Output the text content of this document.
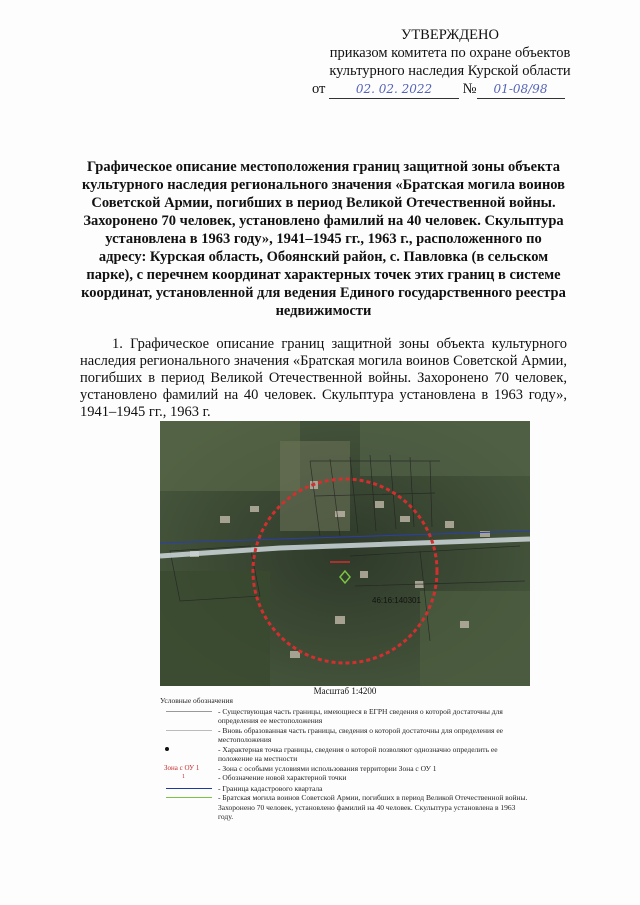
УТВЕРЖДЕНО
приказом комитета по охране объектов
культурного наследия Курской области
от	02. 02. 2022 № 01-08/98
Графическое описание местоположения границ защитной зоны объекта культурного наследия регионального значения «Братская могила воинов Советской Армии, погибших в период Великой Отечественной войны. Захоронено 70 человек, установлено фамилий на 40 человек. Скульптура установлена в 1963 году», 1941–1945 гг., 1963 г., расположенного по адресу: Курская область, Обоянский район, с. Павловка (в сельском парке), с перечнем координат характерных точек этих границ в системе координат, установленной для ведения Единого государственного реестра недвижимости
1. Графическое описание границ защитной зоны объекта культурного наследия регионального значения «Братская могила воинов Советской Армии, погибших в период Великой Отечественной войны. Захоронено 70 человек, установлено фамилий на 40 человек. Скульптура установлена в 1963 году», 1941–1945 гг., 1963 г.
46:16:140301
Масштаб 1:4200
Условные обозначения
- Существующая часть границы, имеющиеся в ЕГРН сведения о которой достаточны для определения ее местоположения
- Вновь образованная часть границы, сведения о которой достаточны для определения ее местоположения
- Характерная точка границы, сведения о которой позволяют однозначно определить ее положение на местности
Зона с ОУ 1
1
- Зона с особыми условиями использования территории Зона с ОУ 1
- Обозначение новой характерной точки
- Граница кадастрового квартала
- Братская могила воинов Советской Армии, погибших в период Великой Отечественной войны. Захоронено 70 человек, установлено фамилий на 40 человек. Скульптура установлена в 1963 году.
